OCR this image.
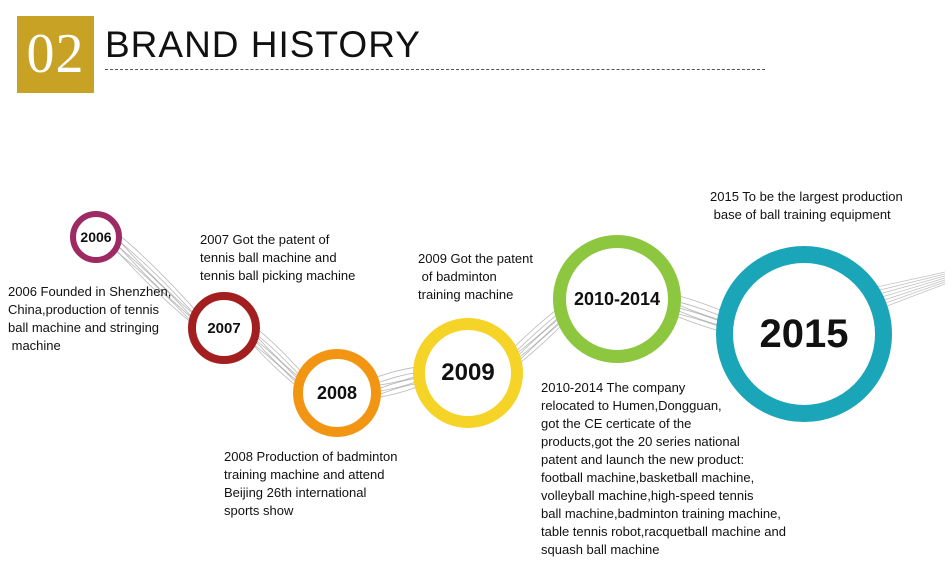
02 BRAND HISTORY
2006
2007
2008
2009
2010-2014
2015
2006 Founded in Shenzhen,
China,production of tennis
ball machine and stringing
machine
2007 Got the patent of
tennis ball machine and
tennis ball picking machine
2008 Production of badminton
training machine and attend
Beijing 26th international
sports show
2009 Got the patent
of badminton
training machine
2010-2014 The company
relocated to Humen,Dongguan,
got the CE certicate of the
products,got the 20 series national
patent and launch the new product:
football machine,basketball machine,
volleyball machine,high-speed tennis
ball machine,badminton training machine,
table tennis robot,racquetball machine and
squash ball machine
2015 To be the largest production
base of ball training equipment
